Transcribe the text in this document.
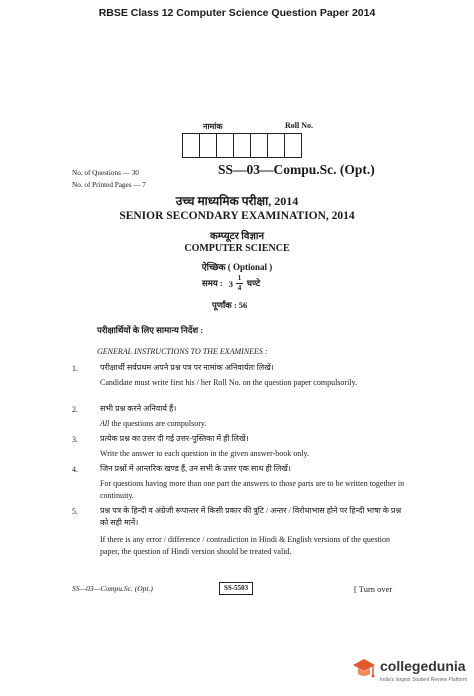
RBSE Class 12 Computer Science Question Paper 2014
नामांक	Roll No.
No. of Questions — 30
No. of Printed Pages — 7
SS—03—Compu.Sc. (Opt.)
उच्च माध्यमिक परीक्षा, 2014
SENIOR SECONDARY EXAMINATION, 2014
कम्प्यूटर विज्ञान
COMPUTER SCIENCE
ऐच्छिक ( Optional )
समय : $3 \frac{1}{4}$ घण्टे
पूर्णांक : 56
परीक्षार्थियों के लिए सामान्य निर्देश :
GENERAL INSTRUCTIONS TO THE EXAMINEES :
1.	परीक्षार्थी सर्वप्रथम अपने प्रश्न पत्र पर नामांक अनिवार्यतः लिखें।
Candidate must write first his / her Roll No. on the question paper compulsorily.
2.	सभी प्रश्न करने अनिवार्य हैं।
All the questions are compulsory.
3.	प्रत्येक प्रश्न का उत्तर दी गई उत्तर-पुस्तिका में ही लिखें।
Write the answer to each question in the given answer-book only.
4.	जिन प्रश्नों में आन्तरिक खण्ड हैं, उन सभी के उत्तर एक साथ ही लिखें।
For questions having more than one part the answers to those parts are to be written together in continuity.
5.	प्रश्न पत्र के हिन्दी व अंग्रेजी रूपान्तर में किसी प्रकार की त्रुटि / अन्तर / विरोधाभास होने पर हिन्दी भाषा के प्रश्न को सही मानें।
If there is any error / difference / contradiction in Hindi & English versions of the question paper, the question of Hindi version should be treated valid.
SS—03—Compu.Sc. (Opt.)	SS-5503	[ Turn over
collegedunia
India's largest Student Review Platform
